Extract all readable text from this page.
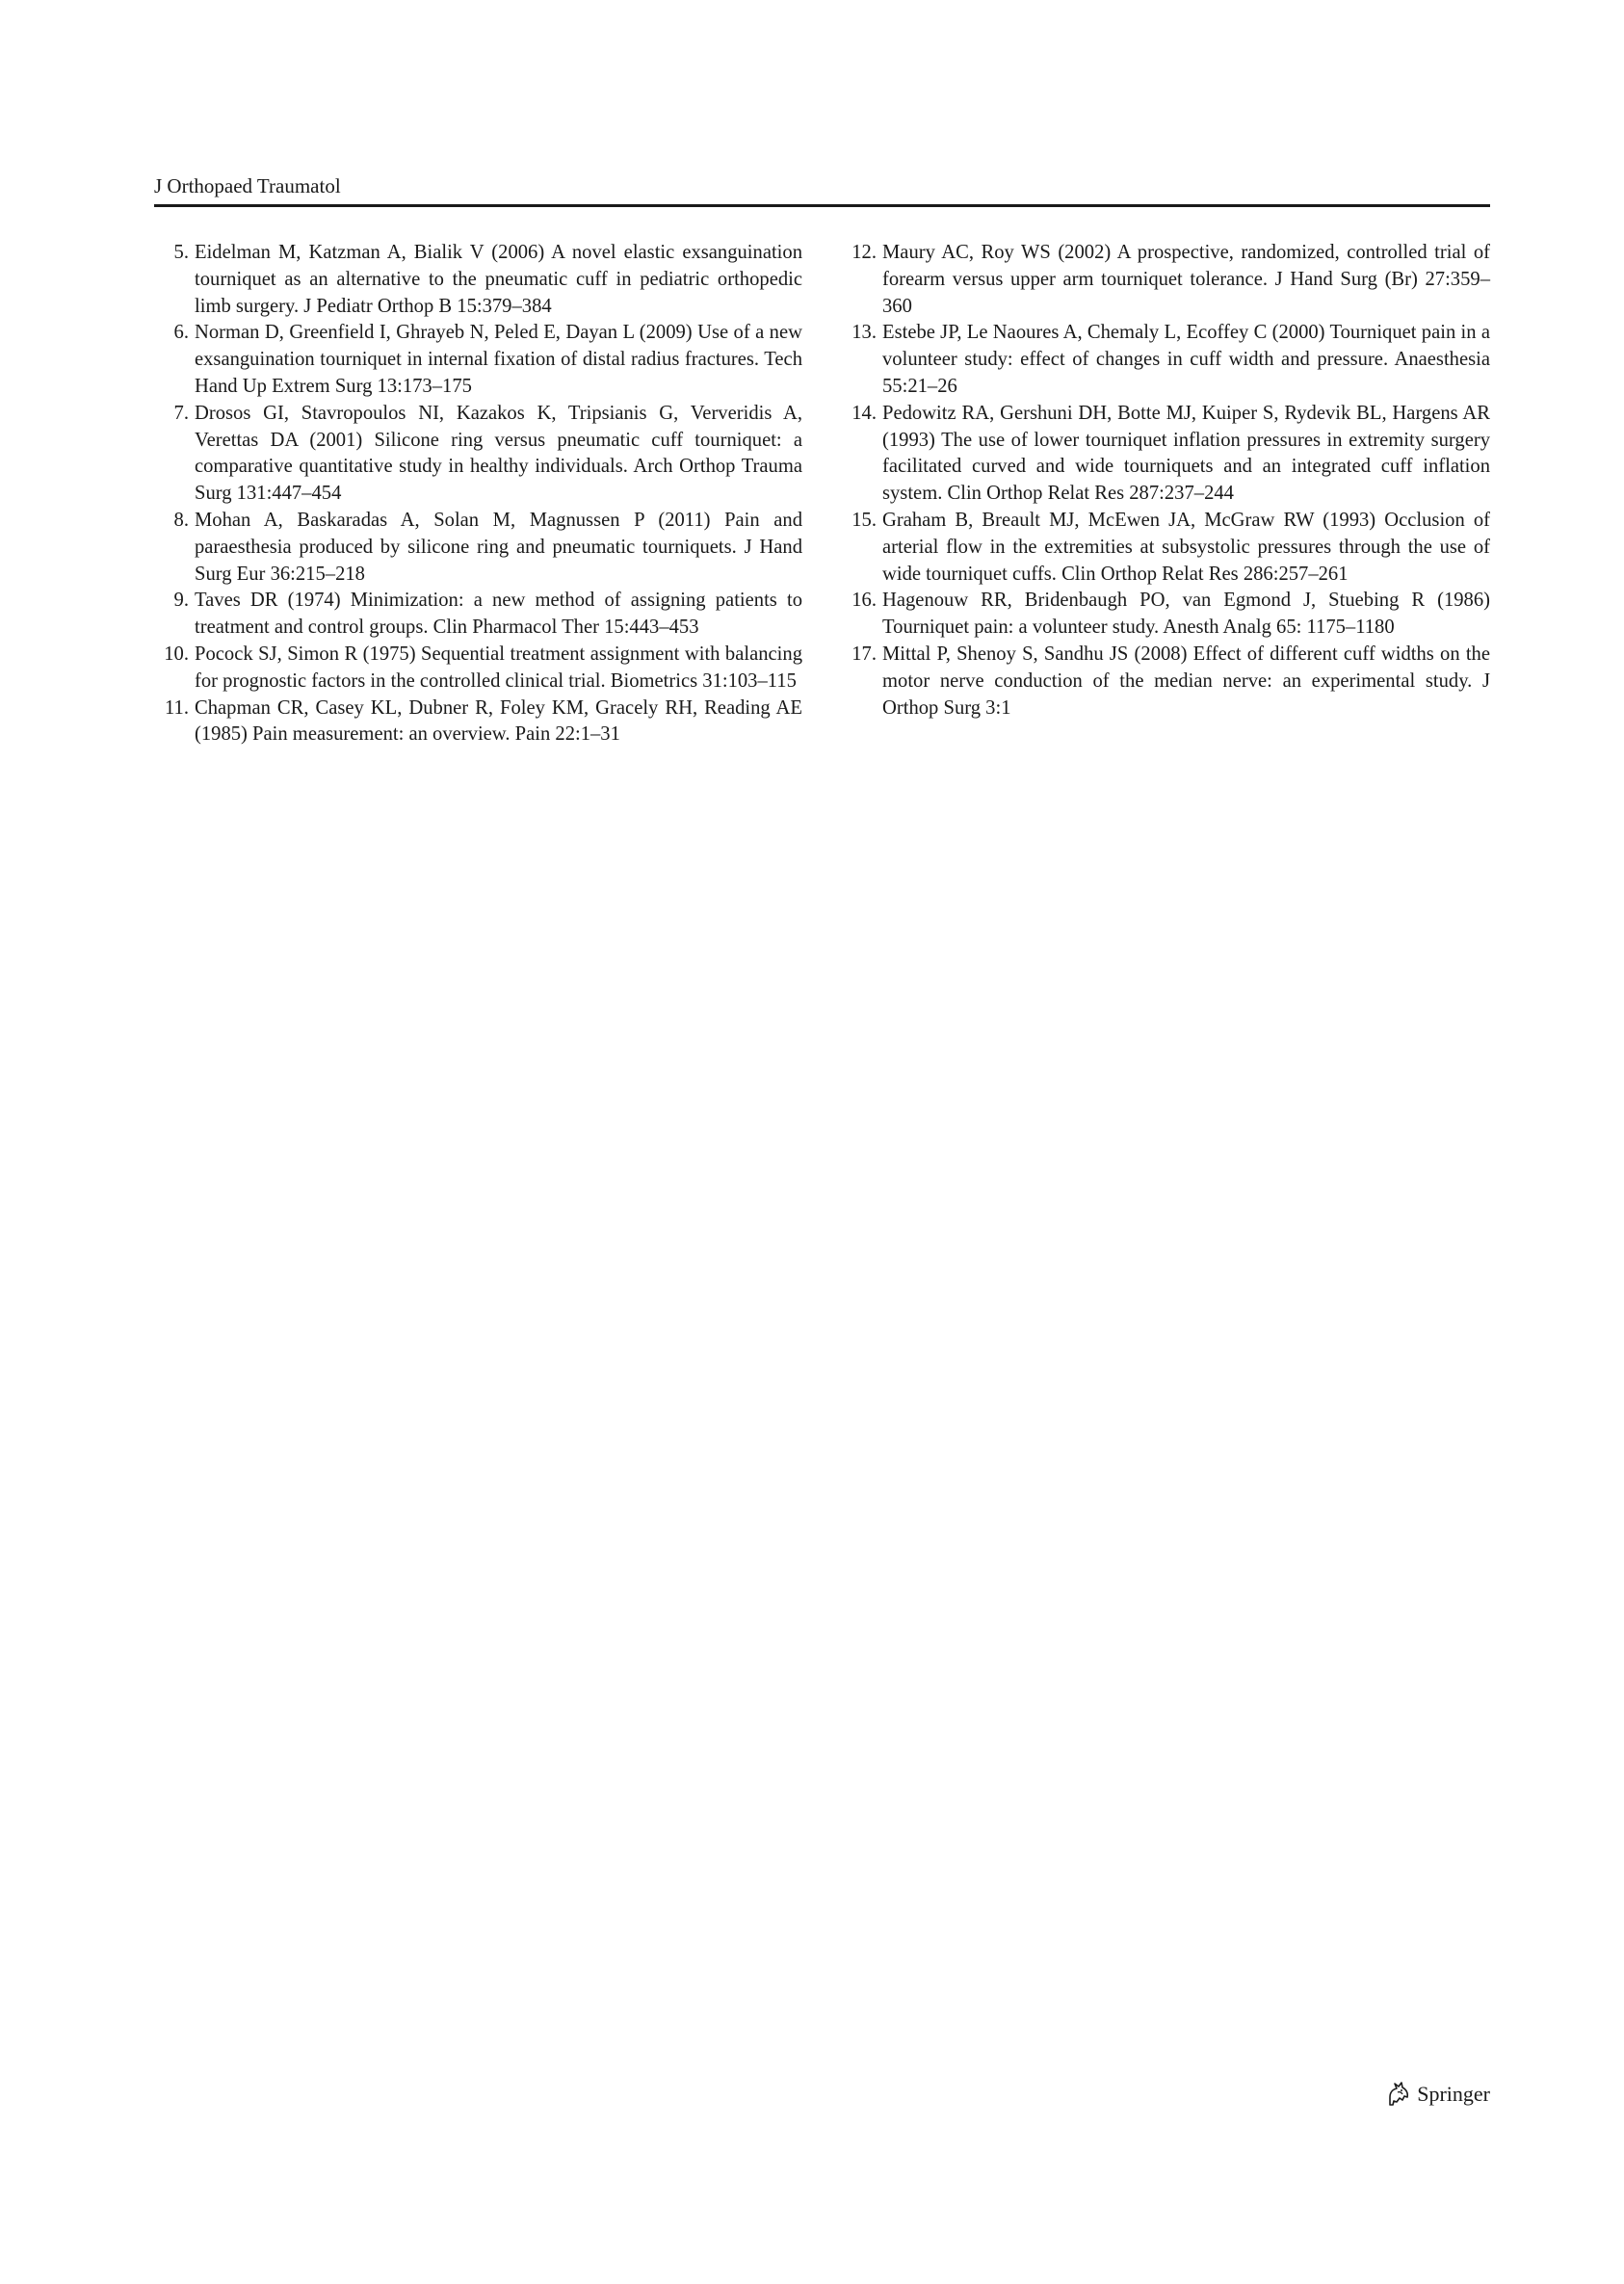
J Orthopaed Traumatol
5. Eidelman M, Katzman A, Bialik V (2006) A novel elastic exsanguination tourniquet as an alternative to the pneumatic cuff in pediatric orthopedic limb surgery. J Pediatr Orthop B 15:379–384
6. Norman D, Greenfield I, Ghrayeb N, Peled E, Dayan L (2009) Use of a new exsanguination tourniquet in internal fixation of distal radius fractures. Tech Hand Up Extrem Surg 13:173–175
7. Drosos GI, Stavropoulos NI, Kazakos K, Tripsianis G, Ververidis A, Verettas DA (2001) Silicone ring versus pneumatic cuff tourniquet: a comparative quantitative study in healthy individuals. Arch Orthop Trauma Surg 131:447–454
8. Mohan A, Baskaradas A, Solan M, Magnussen P (2011) Pain and paraesthesia produced by silicone ring and pneumatic tourniquets. J Hand Surg Eur 36:215–218
9. Taves DR (1974) Minimization: a new method of assigning patients to treatment and control groups. Clin Pharmacol Ther 15:443–453
10. Pocock SJ, Simon R (1975) Sequential treatment assignment with balancing for prognostic factors in the controlled clinical trial. Biometrics 31:103–115
11. Chapman CR, Casey KL, Dubner R, Foley KM, Gracely RH, Reading AE (1985) Pain measurement: an overview. Pain 22:1–31
12. Maury AC, Roy WS (2002) A prospective, randomized, controlled trial of forearm versus upper arm tourniquet tolerance. J Hand Surg (Br) 27:359–360
13. Estebe JP, Le Naoures A, Chemaly L, Ecoffey C (2000) Tourniquet pain in a volunteer study: effect of changes in cuff width and pressure. Anaesthesia 55:21–26
14. Pedowitz RA, Gershuni DH, Botte MJ, Kuiper S, Rydevik BL, Hargens AR (1993) The use of lower tourniquet inflation pressures in extremity surgery facilitated curved and wide tourniquets and an integrated cuff inflation system. Clin Orthop Relat Res 287:237–244
15. Graham B, Breault MJ, McEwen JA, McGraw RW (1993) Occlusion of arterial flow in the extremities at subsystolic pressures through the use of wide tourniquet cuffs. Clin Orthop Relat Res 286:257–261
16. Hagenouw RR, Bridenbaugh PO, van Egmond J, Stuebing R (1986) Tourniquet pain: a volunteer study. Anesth Analg 65: 1175–1180
17. Mittal P, Shenoy S, Sandhu JS (2008) Effect of different cuff widths on the motor nerve conduction of the median nerve: an experimental study. J Orthop Surg 3:1
Springer
